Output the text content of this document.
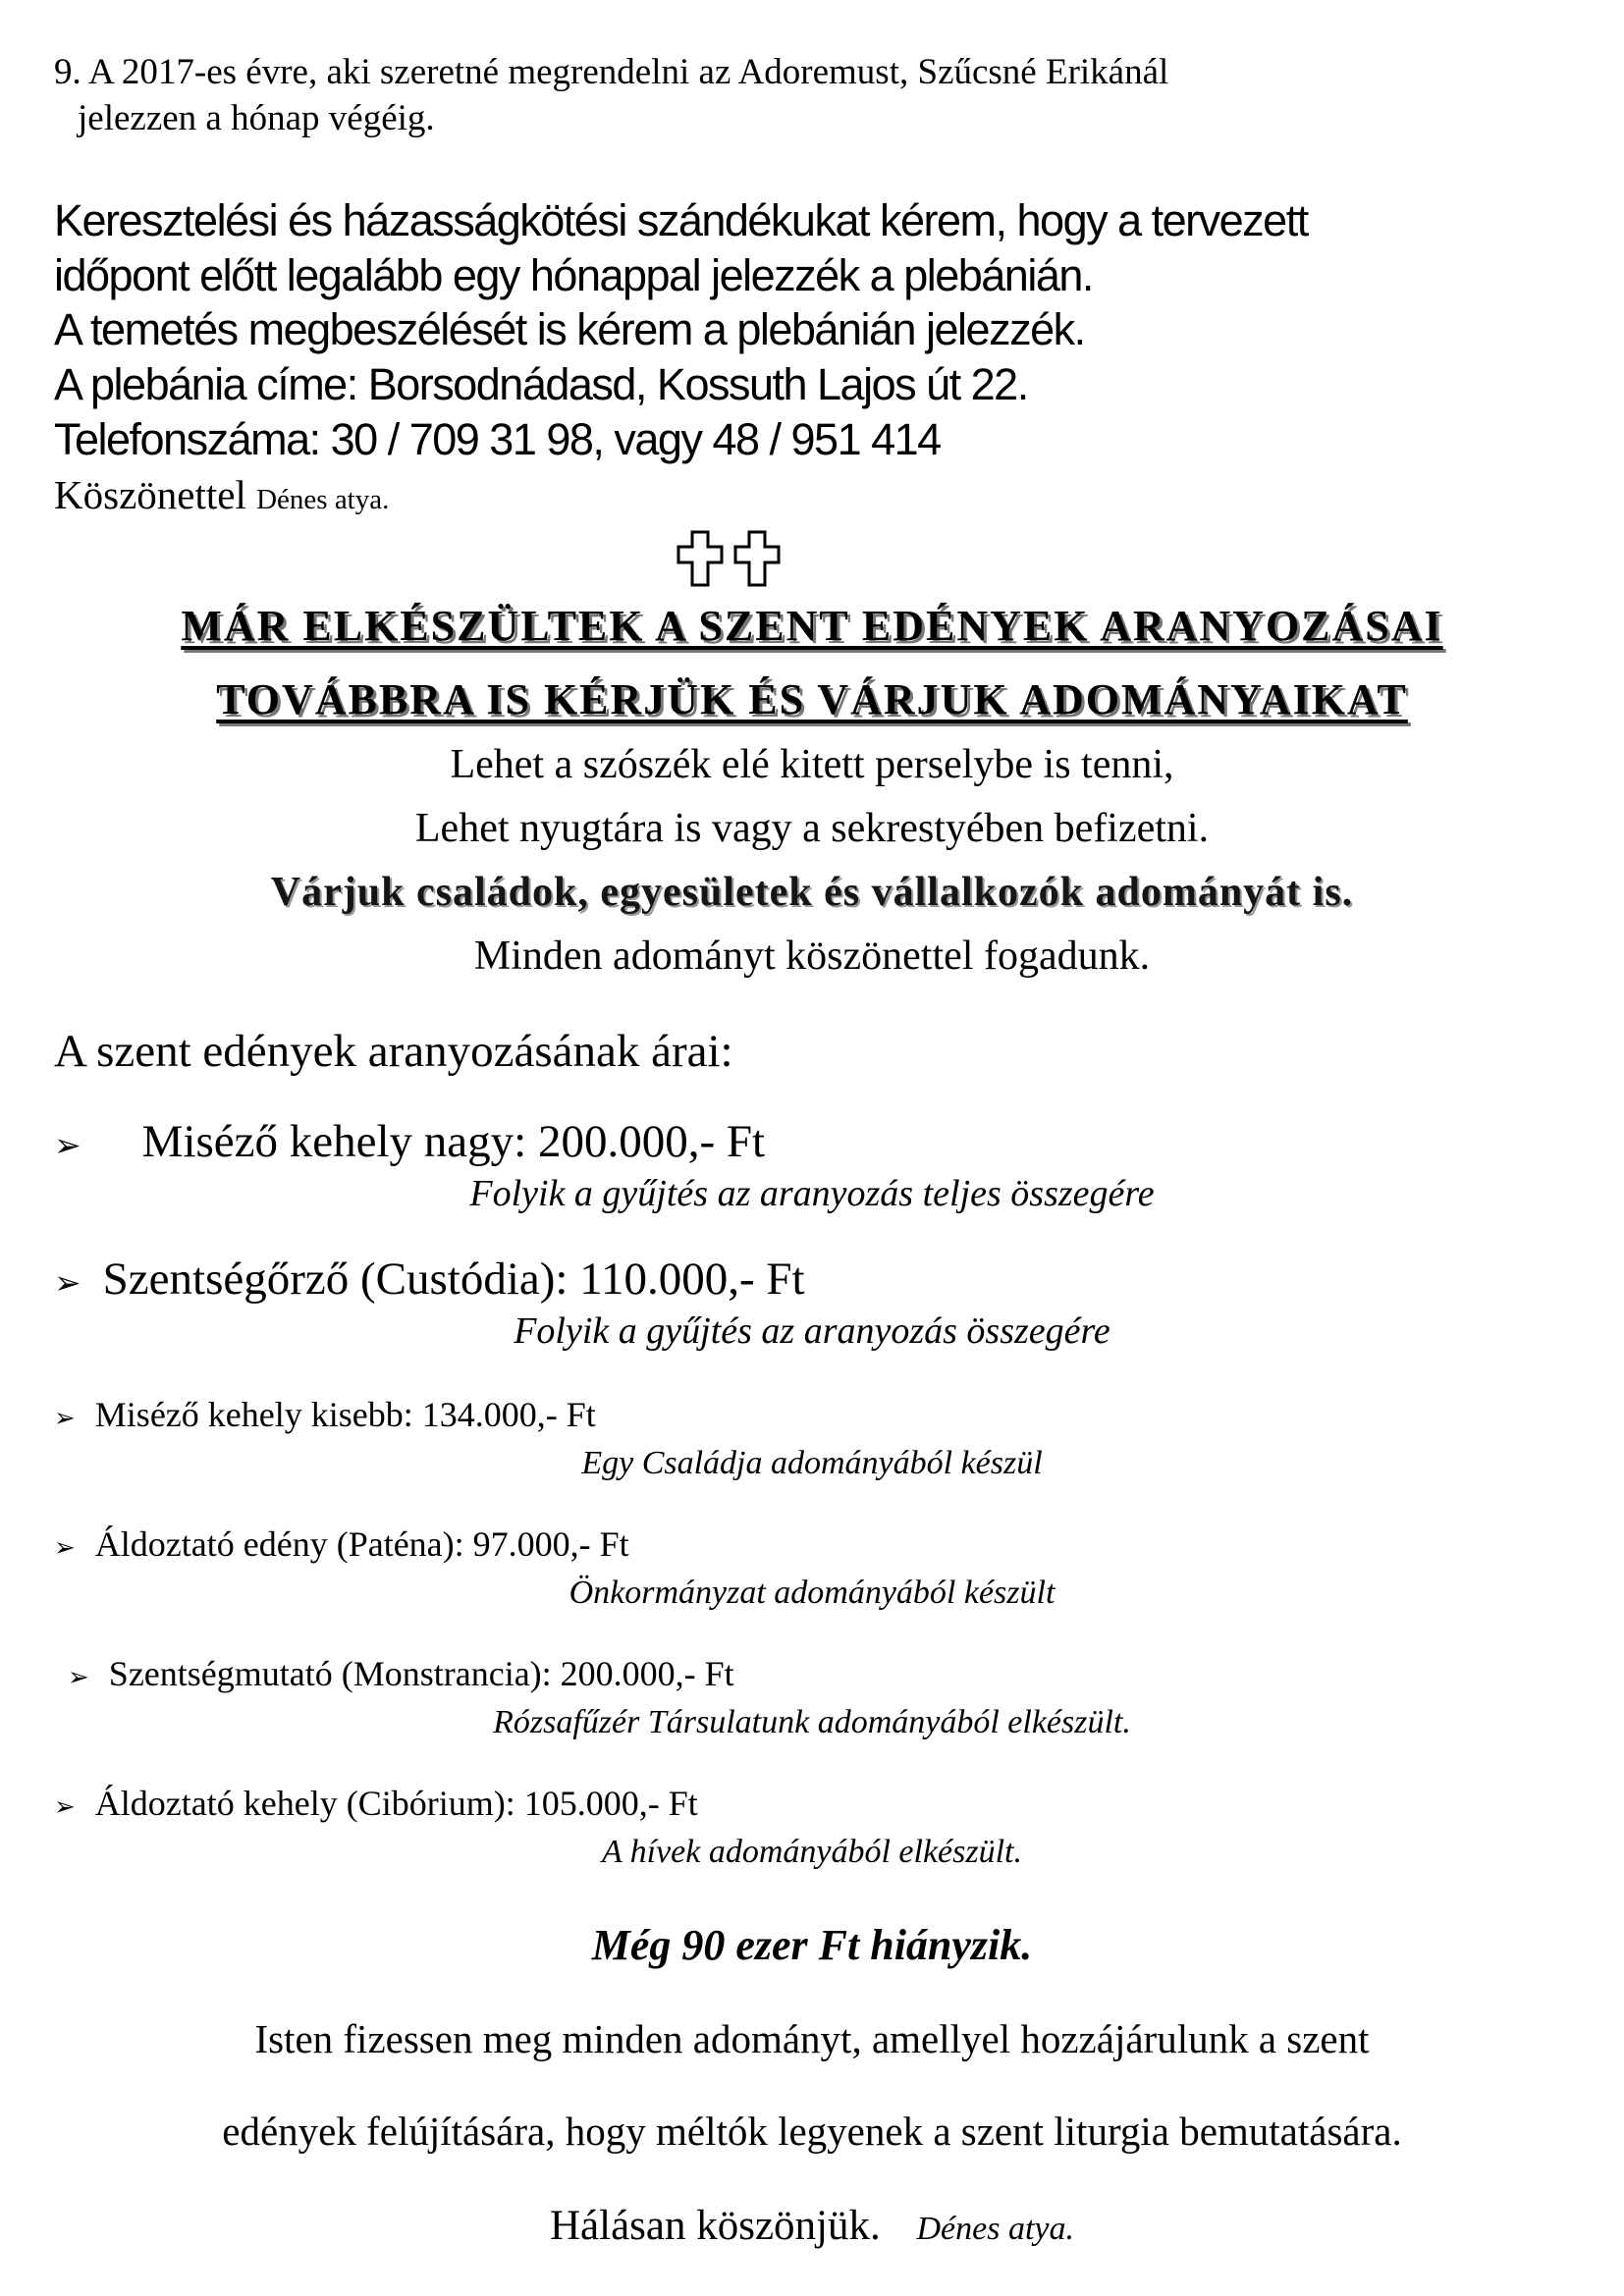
9. A 2017-es évre, aki szeretné megrendelni az Adoremust, Szűcsné Erikánál
jelezzen a hónap végéig.
Keresztelési és házasságkötési szándékukat kérem, hogy a tervezett
időpont előtt legalább egy hónappal jelezzék a plebánián.
A temetés megbeszélését is kérem a plebánián jelezzék.
A plebánia címe: Borsodnádasd, Kossuth Lajos út 22.
Telefonszáma: 30 / 709 31 98, vagy 48 / 951 414
Köszönettel Dénes atya.
MÁR ELKÉSZÜLTEK A SZENT EDÉNYEK ARANYOZÁSAI
TOVÁBBRA IS KÉRJÜK ÉS VÁRJUK ADOMÁNYAIKAT
Lehet a szószék elé kitett perselybe is tenni,
Lehet nyugtára is vagy a sekrestyében befizetni.
Várjuk családok, egyesületek és vállalkozók adományát is.
Minden adományt köszönettel fogadunk.
A szent edények aranyozásának árai:
➢ Miséző kehely nagy: 200.000,- Ft
Folyik a gyűjtés az aranyozás teljes összegére
➢ Szentségőrző (Custódia): 110.000,- Ft
Folyik a gyűjtés az aranyozás összegére
➢ Miséző kehely kisebb: 134.000,- Ft
Egy Családja adományából készül
➢ Áldoztató edény (Paténa): 97.000,- Ft
Önkormányzat adományából készült
➢ Szentségmutató (Monstrancia): 200.000,- Ft
Rózsafűzér Társulatunk adományából elkészült.
➢ Áldoztató kehely (Cibórium): 105.000,- Ft
A hívek adományából elkészült.
Még 90 ezer Ft hiányzik.
Isten fizessen meg minden adományt, amellyel hozzájárulunk a szent
edények felújítására, hogy méltók legyenek a szent liturgia bemutatására.
Hálásan köszönjük. Dénes atya.
